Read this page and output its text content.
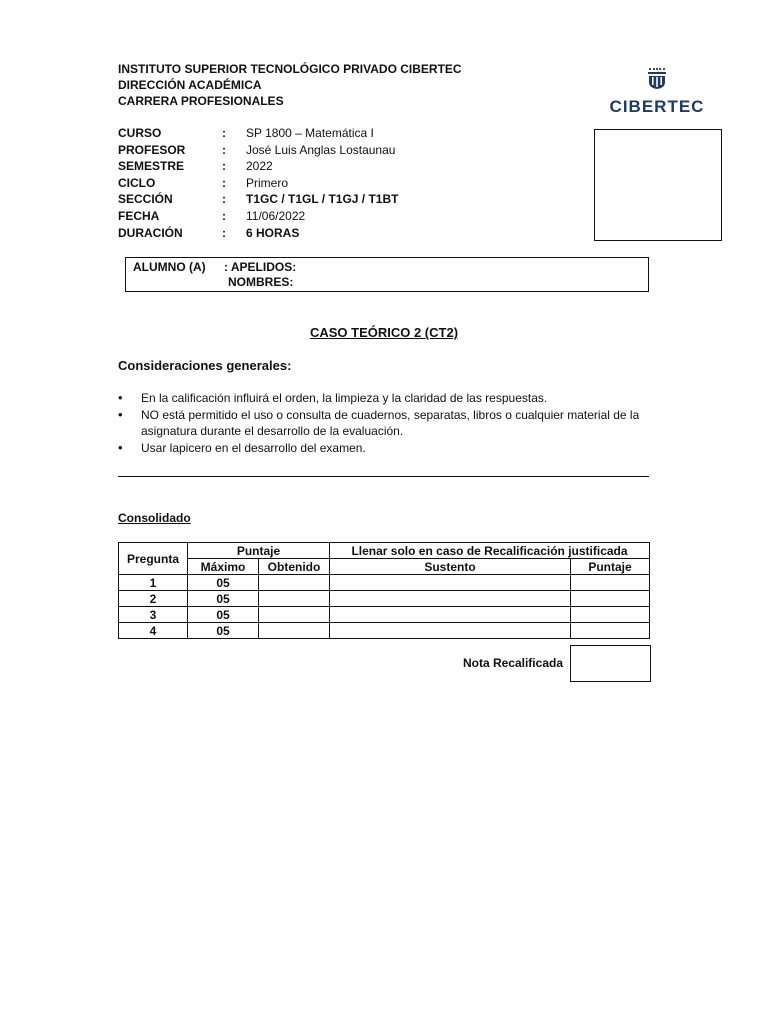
INSTITUTO SUPERIOR TECNOLÓGICO PRIVADO CIBERTEC
DIRECCIÓN ACADÉMICA
CARRERA PROFESIONALES	CIBERTEC
CURSO	:	SP 1800 – Matemática I
PROFESOR	:	José Luis Anglas Lostaunau
SEMESTRE	:	2022
CICLO	:	Primero
SECCIÓN	:	T1GC / T1GL / T1GJ / T1BT
FECHA	:	11/06/2022
DURACIÓN	:	6 HORAS
ALUMNO (A) : APELIDOS:
NOMBRES:
CASO TEÓRICO 2 (CT2)
Consideraciones generales:
• En la calificación influirá el orden, la limpieza y la claridad de las respuestas.
• NO está permitido el uso o consulta de cuadernos, separatas, libros o cualquier material de la asignatura durante el desarrollo de la evaluación.
• Usar lapicero en el desarrollo del examen.
Consolidado
Pregunta	Puntaje		Llenar solo en caso de Recalificación justificada	
	Máximo	Obtenido	Sustento	Puntaje
1	05			
2	05			
3	05			
4	05			
Nota Recalificada
